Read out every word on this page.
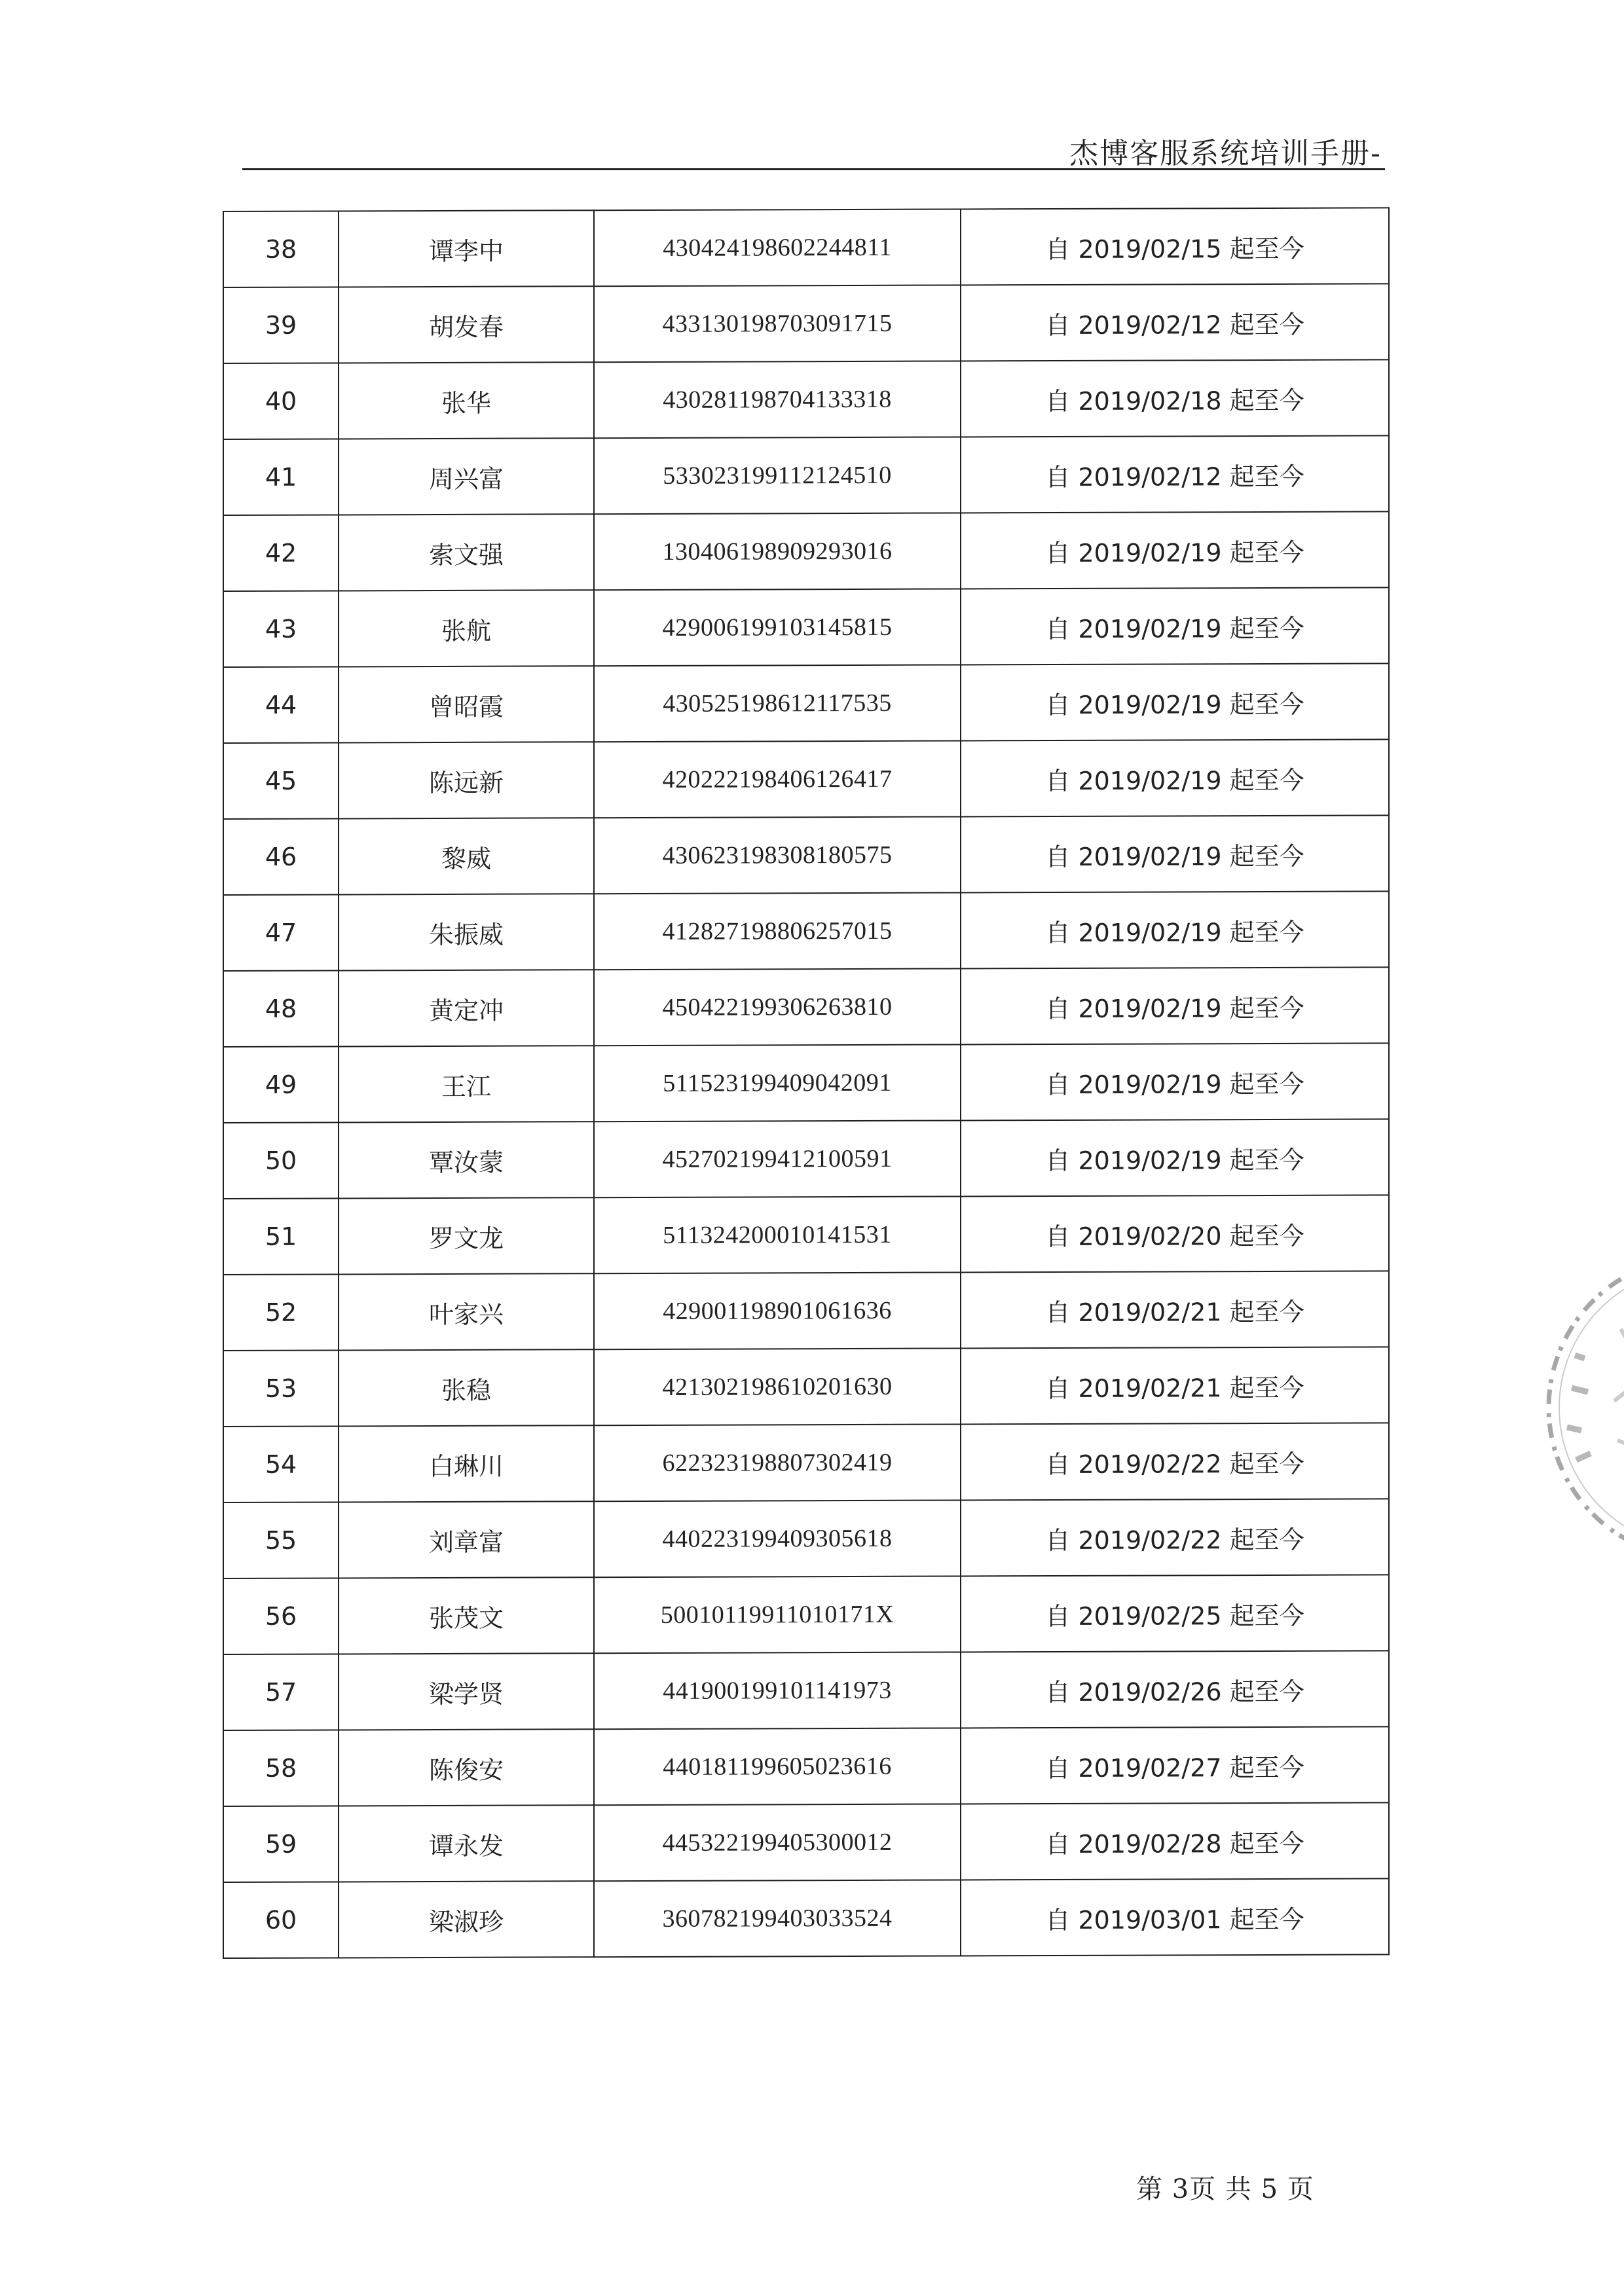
杰博客服系统培训手册-
38	谭李中	430424198602244811	自 2019/02/15 起至今
39	胡发春	433130198703091715	自 2019/02/12 起至今
40	张华	430281198704133318	自 2019/02/18 起至今
41	周兴富	533023199112124510	自 2019/02/12 起至今
42	索文强	130406198909293016	自 2019/02/19 起至今
43	张航	429006199103145815	自 2019/02/19 起至今
44	曾昭霞	430525198612117535	自 2019/02/19 起至今
45	陈远新	420222198406126417	自 2019/02/19 起至今
46	黎威	430623198308180575	自 2019/02/19 起至今
47	朱振威	412827198806257015	自 2019/02/19 起至今
48	黄定冲	450422199306263810	自 2019/02/19 起至今
49	王江	511523199409042091	自 2019/02/19 起至今
50	覃汝蒙	452702199412100591	自 2019/02/19 起至今
51	罗文龙	511324200010141531	自 2019/02/20 起至今
52	叶家兴	429001198901061636	自 2019/02/21 起至今
53	张稳	421302198610201630	自 2019/02/21 起至今
54	白琳川	622323198807302419	自 2019/02/22 起至今
55	刘章富	440223199409305618	自 2019/02/22 起至今
56	张茂文	50010119911010171X	自 2019/02/25 起至今
57	梁学贤	441900199101141973	自 2019/02/26 起至今
58	陈俊安	440181199605023616	自 2019/02/27 起至今
59	谭永发	445322199405300012	自 2019/02/28 起至今
60	梁淑珍	360782199403033524	自 2019/03/01 起至今
第 3页 共 5 页
